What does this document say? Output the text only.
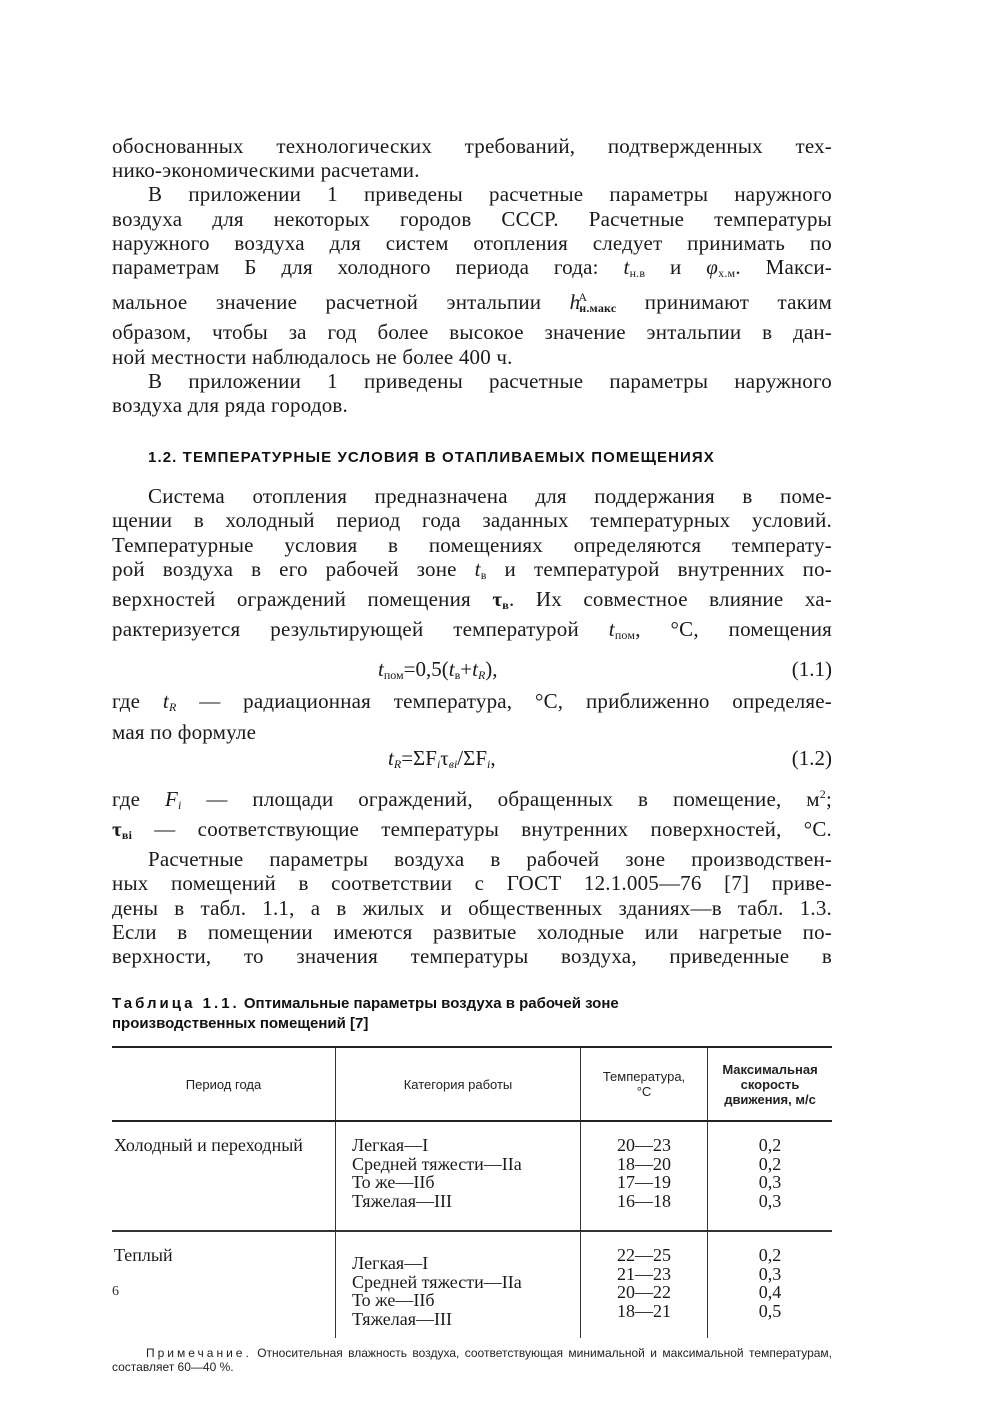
обоснованных технологических требований, подтвержденных тех-
нико-экономическими расчетами.
В приложении 1 приведены расчетные параметры наружного
воздуха для некоторых городов СССР. Расчетные температуры
наружного воздуха для систем отопления следует принимать по
параметрам Б для холодного периода года: $t_{н.в}$ и $\varphi_{х.м}$. Макси-
мальное значение расчетной энтальпии $h^А_{н.макс}$ принимают таким
образом, чтобы за год более высокое значение энтальпии в дан-
ной местности наблюдалось не более 400 ч.
В приложении 1 приведены расчетные параметры наружного
воздуха для ряда городов.
1.2. ТЕМПЕРАТУРНЫЕ УСЛОВИЯ В ОТАПЛИВАЕМЫХ ПОМЕЩЕНИЯХ
Система отопления предназначена для поддержания в поме-
щении в холодный период года заданных температурных условий.
Температурные условия в помещениях определяются температу-
рой воздуха в его рабочей зоне $t_в$ и температурой внутренних по-
верхностей ограждений помещения $\tau_в$. Их совместное влияние ха-
рактеризуется результирующей температурой $t_{пом}$, °C, помещения
$t_{пом}=0,5(t_в+t_R)$,	(1.1)
где $t_R$ — радиационная температура, °C, приближенно определяе-
мая по формуле
$t_R=\Sigma F_i\tau_{вi}/\Sigma F_i$,	(1.2)
где $F_i$ — площади ограждений, обращенных в помещение, $м^2$;
$\tau_{вi}$ — соответствующие температуры внутренних поверхностей, °C.
Расчетные параметры воздуха в рабочей зоне производствен-
ных помещений в соответствии с ГОСТ 12.1.005—76 [7] приве-
дены в табл. 1.1, а в жилых и общественных зданиях—в табл. 1.3.
Если в помещении имеются развитые холодные или нагретые по-
верхности, то значения температуры воздуха, приведенные в
Таблица 1.1. Оптимальные параметры воздуха в рабочей зоне
производственных помещений [7]
Период года	Категория работы	Температура,
°C	Максимальная
скорость
движения, м/с

Холодный и переходный	Легкая—I
Средней тяжести—IIа
То же—IIб
Тяжелая—III	20—23
18—20
17—19
16—18	0,2
0,2
0,3
0,3

Теплый	Легкая—I
Средней тяжести—IIа
То же—IIб
Тяжелая—III	22—25
21—23
20—22
18—21	0,2
0,3
0,4
0,5
Примечание. Относительная влажность воздуха, соответствующая минимальной и максимальной температурам, составляет 60—40 %.
6
